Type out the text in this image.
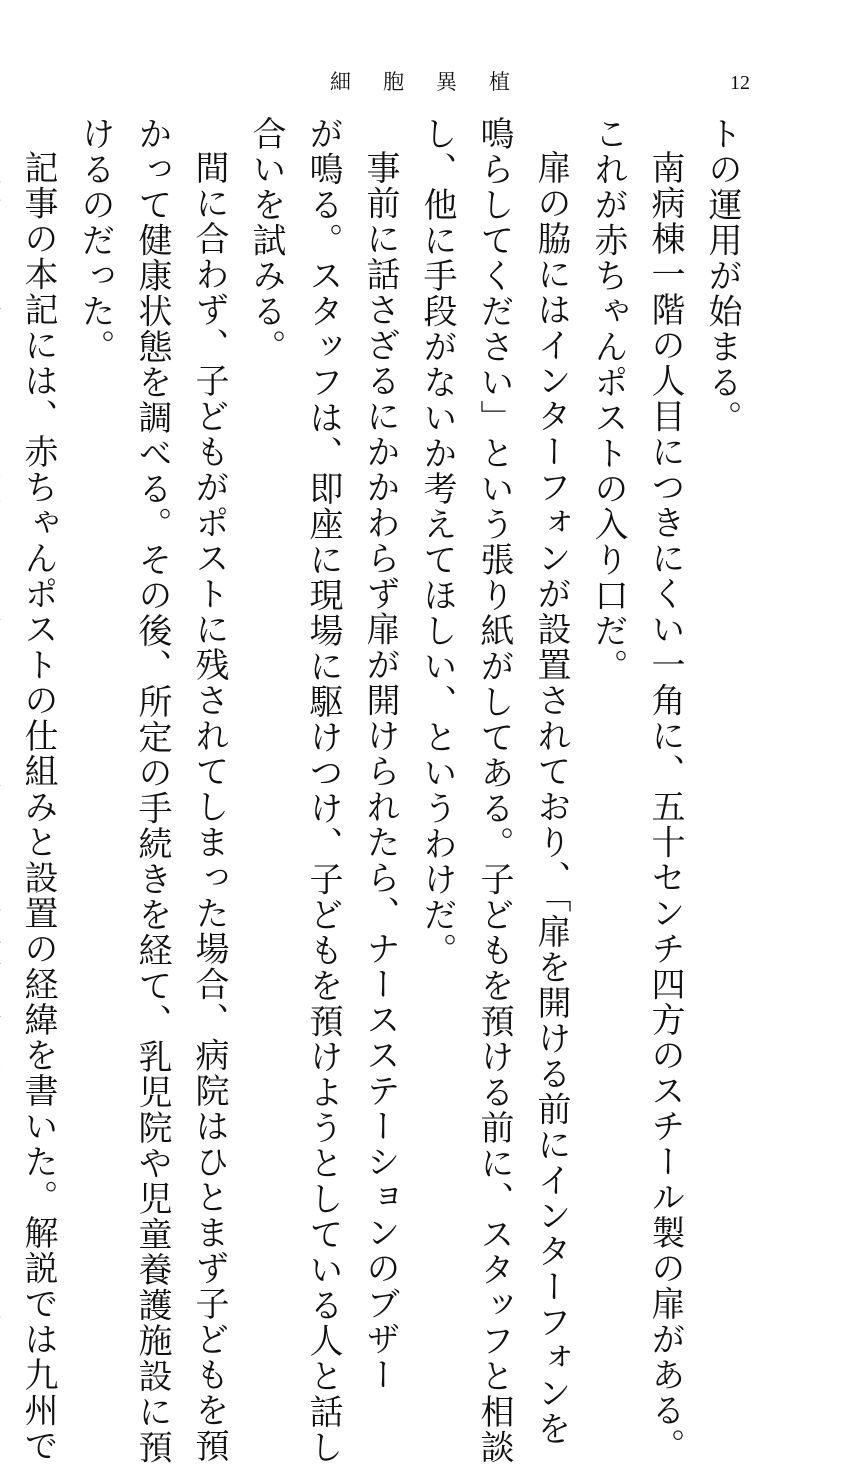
細 胞 異 植	12
トの運用が始まる。
南病棟一階の人目につきにくい一角に、五十センチ四方のスチール製の扉がある。
これが赤ちゃんポストの入り口だ。
扉の脇にはインターフォンが設置されており、「扉を開ける前にインターフォンを
鳴らしてください」という張り紙がしてある。子どもを預ける前に、スタッフと相談
し、他に手段がないか考えてほしい、というわけだ。
事前に話さざるにかかわらず扉が開けられたら、ナースステーションのブザー
が鳴る。スタッフは、即座に現場に駆けつけ、子どもを預けようとしている人と話し
合いを試みる。
間に合わず、子どもがポストに残されてしまった場合、病院はひとまず子どもを預
かって健康状態を調べる。その後、所定の手続きを経て、乳児院や児童養護施設に預
けるのだった。
記事の本記には、赤ちゃんポストの仕組みと設置の経緯を書いた。解説では九州で
